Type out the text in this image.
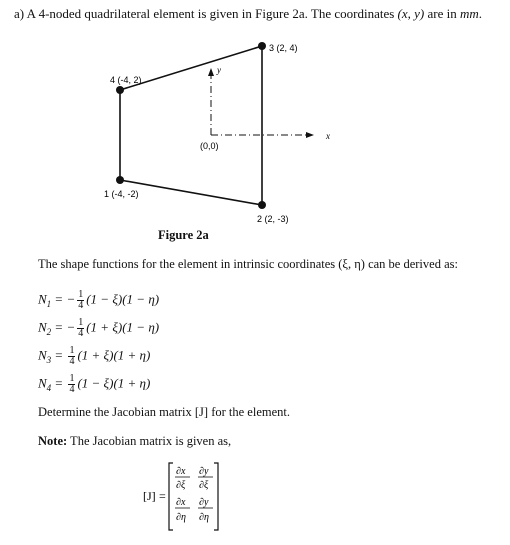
a) A 4-noded quadrilateral element is given in Figure 2a. The coordinates (x, y) are in mm.
y
x
(0,0)
1 (-4, -2)
2 (2, -3)
3 (2, 4)
4 (-4, 2)
Figure 2a
The shape functions for the element in intrinsic coordinates (ξ, η) can be derived as:
$N_1$ = − $\frac{1}{4} (1 - \xi)(1 - \eta)$
$N_2$ = − $\frac{1}{4} (1 + \xi)(1 - \eta)$
$N_3 = \frac{1}{4} (1 + \xi)(1 + \eta)$
$N_4 = \frac{1}{4} (1 - \xi)(1 + \eta)$
Determine the Jacobian matrix [J] for the element.
Note: The Jacobian matrix is given as,
[J] =
∂x
∂ξ
∂y
∂ξ
∂x
∂η
∂y
∂η
